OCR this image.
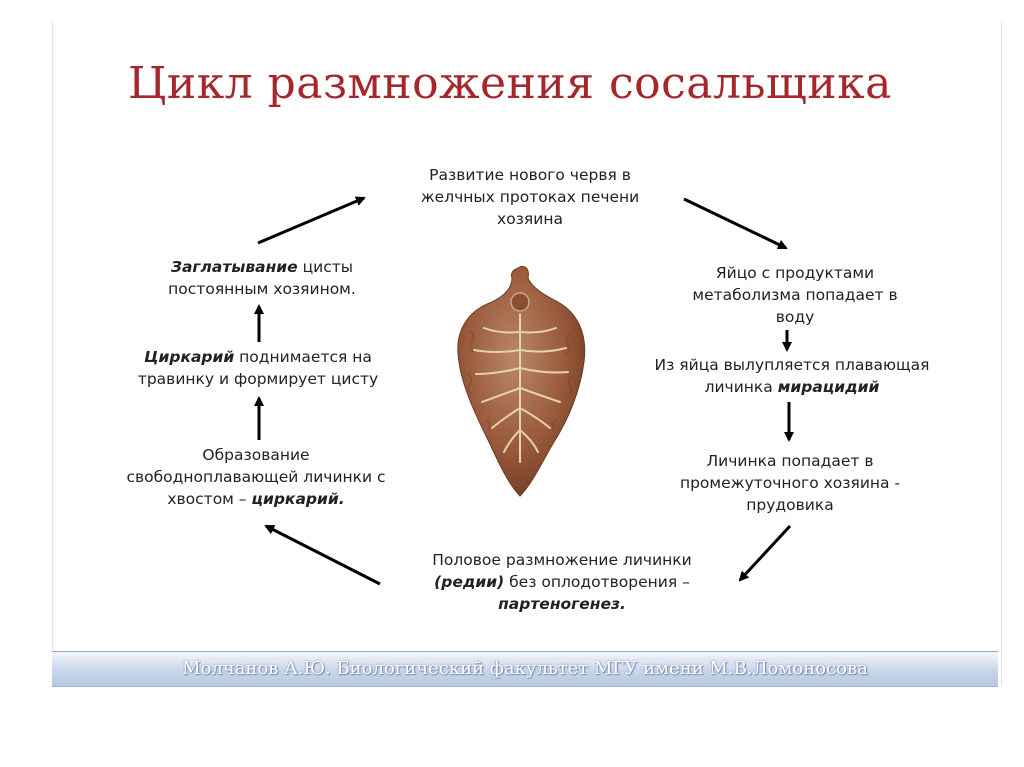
Цикл размножения сосальщика
Развитие нового червя в
желчных протоках печени
хозяина
Яйцо с продуктами
метаболизма попадает в
воду
Из яйца вылупляется плавающая
личинка мирацидий
Личинка попадает в
промежуточного хозяина -
прудовика
Половое размножение личинки
(редии) без оплодотворения –
партеногенез.
Образование
свободноплавающей личинки с
хвостом – циркарий.
Циркарий поднимается на
травинку и формирует цисту
Заглатывание цисты
постоянным хозяином.
Молчанов А.Ю. Биологический факультет МГУ имени М.В.Ломоносова
